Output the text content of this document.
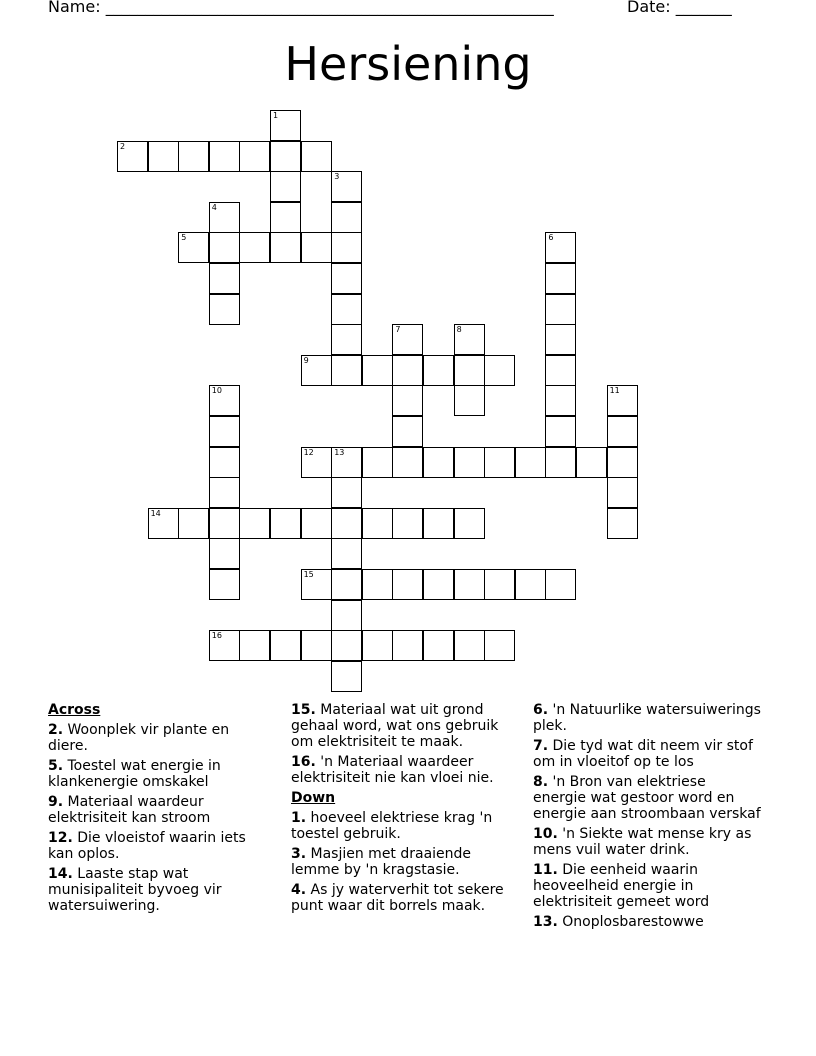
Name: ________________________________________________________	Date: _______
Hersiening
1
2
3
4
5	6
7	8
9
10	11
12	13
14
15
16
Across
2. Woonplek vir plante en diere.
5. Toestel wat energie in klankenergie omskakel
9. Materiaal waardeur elektrisiteit kan stroom
12. Die vloeistof waarin iets kan oplos.
14. Laaste stap wat munisipaliteit byvoeg vir watersuiwering.
15. Materiaal wat uit grond gehaal word, wat ons gebruik om elektrisiteit te maak.
16. 'n Materiaal waardeer elektrisiteit nie kan vloei nie.
Down
1. hoeveel elektriese krag 'n toestel gebruik.
3. Masjien met draaiende lemme by 'n kragstasie.
4. As jy waterverhit tot sekere punt waar dit borrels maak.
6. 'n Natuurlike watersuiwerings plek.
7. Die tyd wat dit neem vir stof om in vloeitof op te los
8. 'n Bron van elektriese energie wat gestoor word en energie aan stroombaan verskaf
10. 'n Siekte wat mense kry as mens vuil water drink.
11. Die eenheid waarin heoveelheid energie in elektrisiteit gemeet word
13. Onoplosbarestowwe
